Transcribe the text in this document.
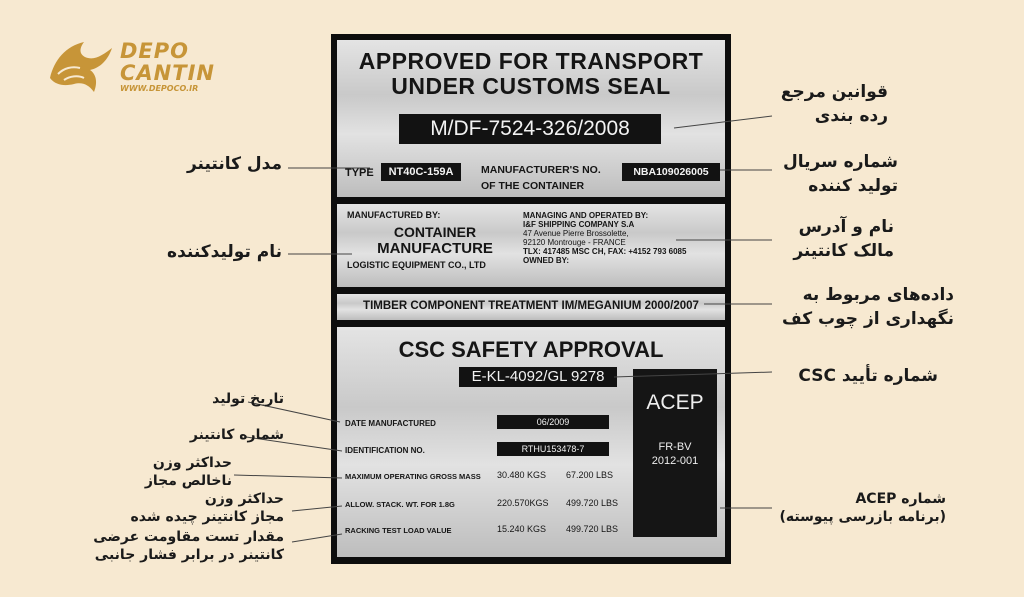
DEPO
CANTIN
WWW.DEPOCO.IR
APPROVED FOR TRANSPORT
UNDER CUSTOMS SEAL
M/DF-7524-326/2008
TYPE	NT40C-159A	MANUFACTURER'S NO.
OF THE CONTAINER
NBA109026005
MANUFACTURED BY:
CONTAINER
MANUFACTURE
LOGISTIC EQUIPMENT CO., LTD
MANAGING AND OPERATED BY:
I&F SHIPPING COMPANY S.A
47 Avenue Pierre Brossolette,
92120 Montrouge - FRANCE
TLX: 417485 MSC CH, FAX: +4152 793 6085
OWNED BY:
TIMBER COMPONENT TREATMENT IM/MEGANIUM 2000/2007
CSC SAFETY APPROVAL
E-KL-4092/GL 9278
DATE MANUFACTURED	06/2009
IDENTIFICATION NO.	RTHU153478-7
MAXIMUM OPERATING GROSS MASS 30.480 KGS 67.200 LBS
ALLOW. STACK. WT. FOR 1.8G	220.570KGS 499.720 LBS
RACKING TEST LOAD VALUE	15.240 KGS 499.720 LBS
ACEP
FR-BV
2012-001
قوانین مرجع
رده بندی
مدل کانتینر	شماره سریال
تولید کننده
نام و آدرس
مالک کانتینر
نام تولیدکننده
داده‌های مربوط به
نگهداری از چوب کف
شماره تأیید CSC
تاریخ تولید
شماره کانتینر
حداکثر وزن
ناخالص مجاز
حداکثر وزن
مجاز کانتینر چیده شده
مقدار تست مقاومت عرضی
کانتینر در برابر فشار جانبی
شماره ACEP
(برنامه بازرسی پیوسته)
